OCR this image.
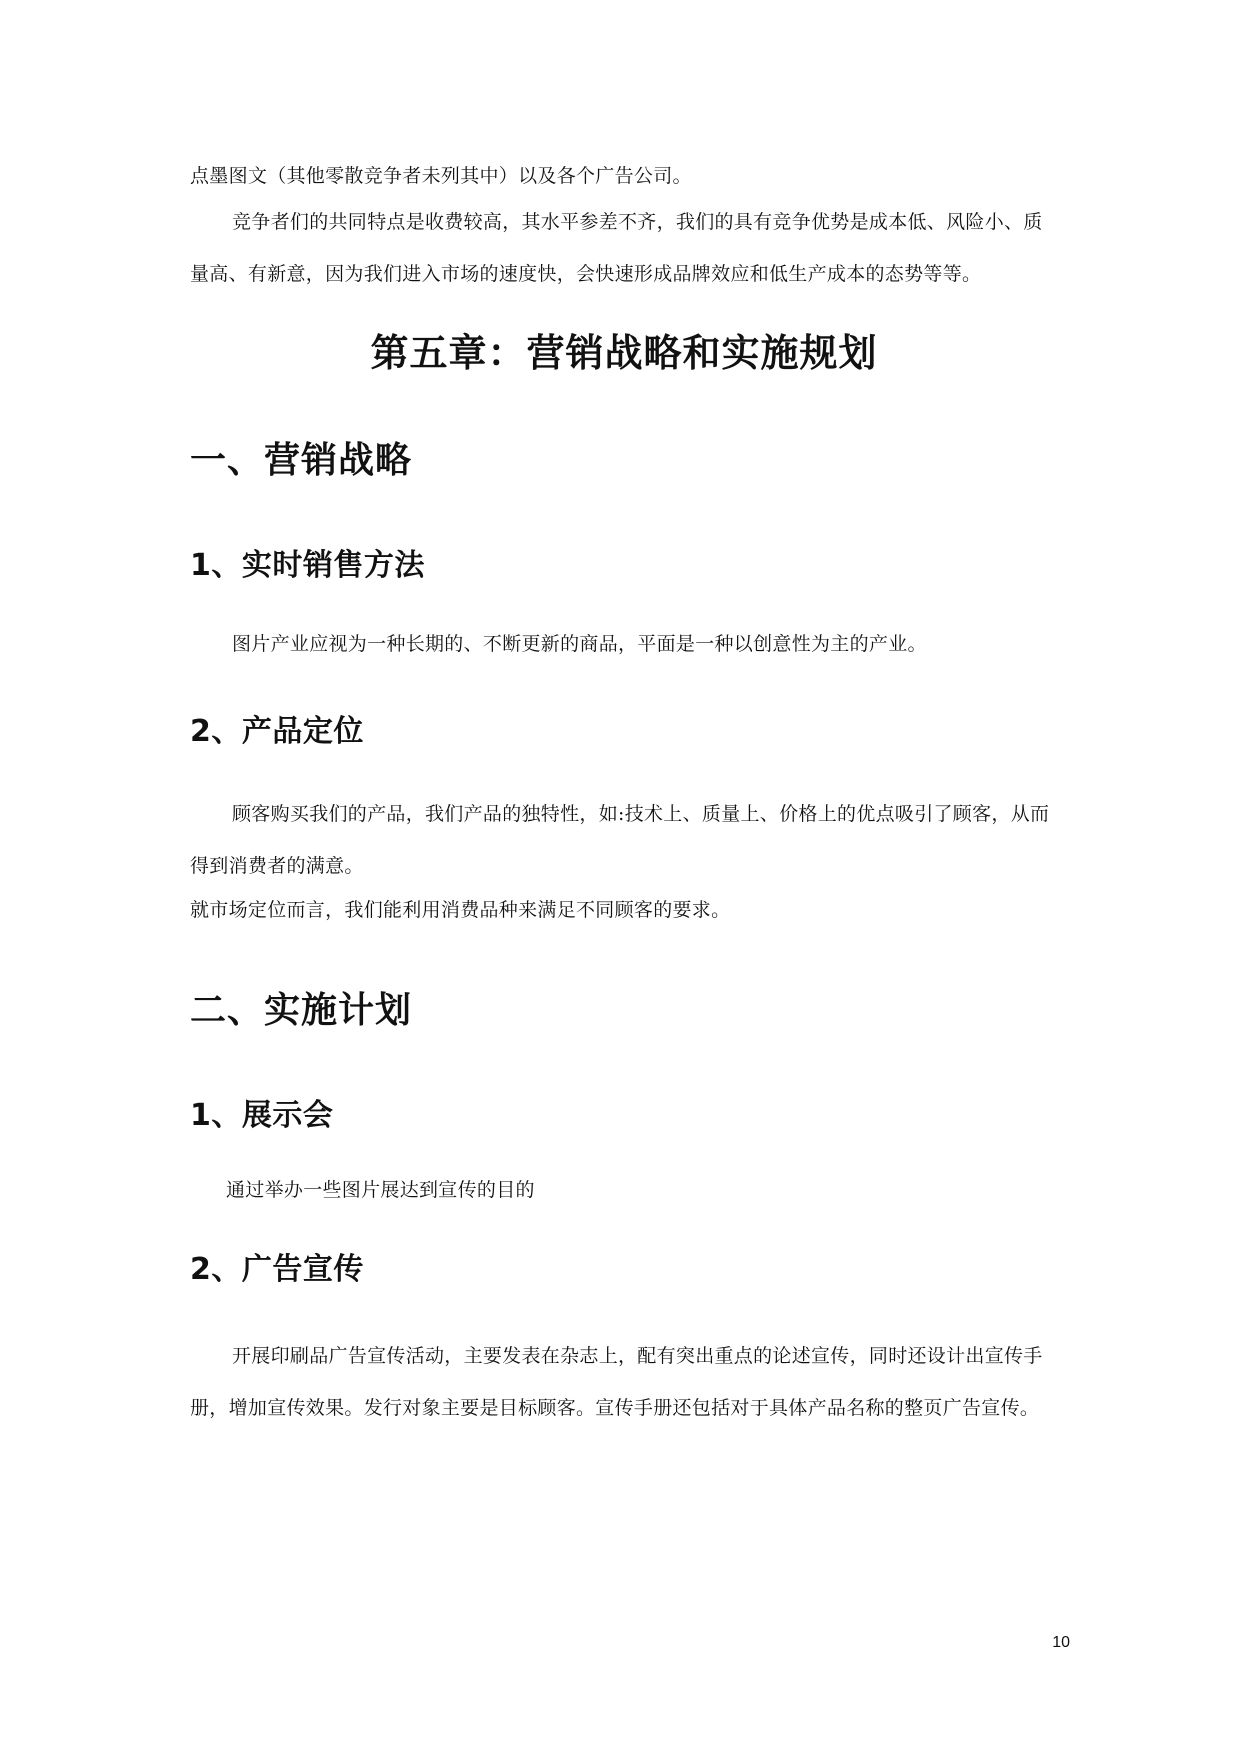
点墨图文（其他零散竞争者未列其中）以及各个广告公司。

竞争者们的共同特点是收费较高，其水平参差不齐，我们的具有竞争优势是成本低、风险小、质量高、有新意，因为我们进入市场的速度快，会快速形成品牌效应和低生产成本的态势等等。

第五章：营销战略和实施规划
一、营销战略
1、实时销售方法

图片产业应视为一种长期的、不断更新的商品，平面是一种以创意性为主的产业。

2、产品定位

顾客购买我们的产品，我们产品的独特性，如:技术上、质量上、价格上的优点吸引了顾客，从而得到消费者的满意。

就市场定位而言，我们能利用消费品种来满足不同顾客的要求。

二、实施计划
1、展示会

通过举办一些图片展达到宣传的目的

2、广告宣传

开展印刷品广告宣传活动，主要发表在杂志上，配有突出重点的论述宣传，同时还设计出宣传手册，增加宣传效果。发行对象主要是目标顾客。宣传手册还包括对于具体产品名称的整页广告宣传。

10
